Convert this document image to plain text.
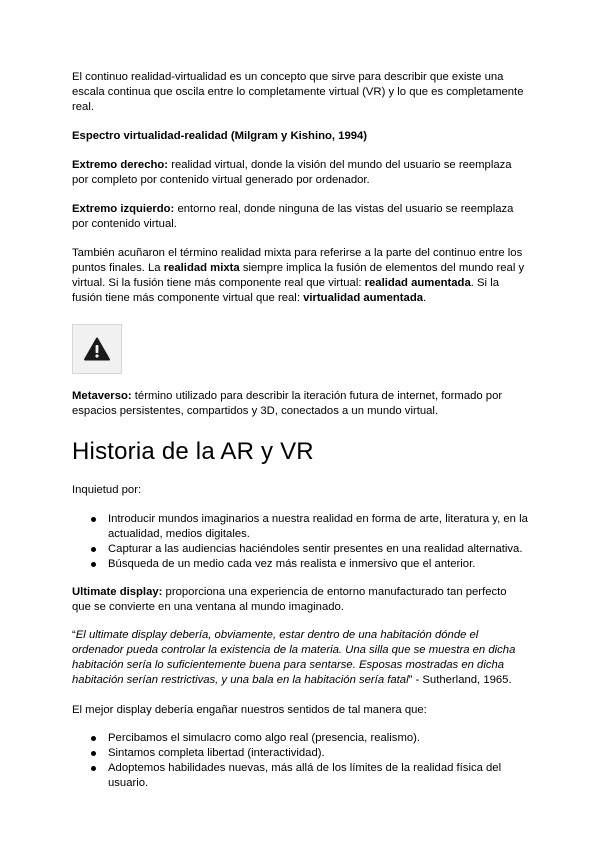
El continuo realidad-virtualidad es un concepto que sirve para describir que existe una escala continua que oscila entre lo completamente virtual (VR) y lo que es completamente real.

Espectro virtualidad-realidad (Milgram y Kishino, 1994)

Extremo derecho: realidad virtual, donde la visión del mundo del usuario se reemplaza por completo por contenido virtual generado por ordenador.

Extremo izquierdo: entorno real, donde ninguna de las vistas del usuario se reemplaza por contenido virtual.

También acuñaron el término realidad mixta para referirse a la parte del continuo entre los puntos finales. La realidad mixta siempre implica la fusión de elementos del mundo real y virtual. Si la fusión tiene más componente real que virtual: realidad aumentada. Si la fusión tiene más componente virtual que real: virtualidad aumentada.

Metaverso: término utilizado para describir la iteración futura de internet, formado por espacios persistentes, compartidos y 3D, conectados a un mundo virtual.

Historia de la AR y VR

Inquietud por:

Introducir mundos imaginarios a nuestra realidad en forma de arte, literatura y, en la actualidad, medios digitales.
Capturar a las audiencias haciéndoles sentir presentes en una realidad alternativa.
Búsqueda de un medio cada vez más realista e inmersivo que el anterior.

Ultimate display: proporciona una experiencia de entorno manufacturado tan perfecto que se convierte en una ventana al mundo imaginado.

“El ultimate display debería, obviamente, estar dentro de una habitación dónde el ordenador pueda controlar la existencia de la materia. Una silla que se muestra en dicha habitación sería lo suficientemente buena para sentarse. Esposas mostradas en dicha habitación serían restrictivas, y una bala en la habitación sería fatal” - Sutherland, 1965.

El mejor display debería engañar nuestros sentidos de tal manera que:

Percibamos el simulacro como algo real (presencia, realismo).
Sintamos completa libertad (interactividad).
Adoptemos habilidades nuevas, más allá de los límites de la realidad física del usuario.
